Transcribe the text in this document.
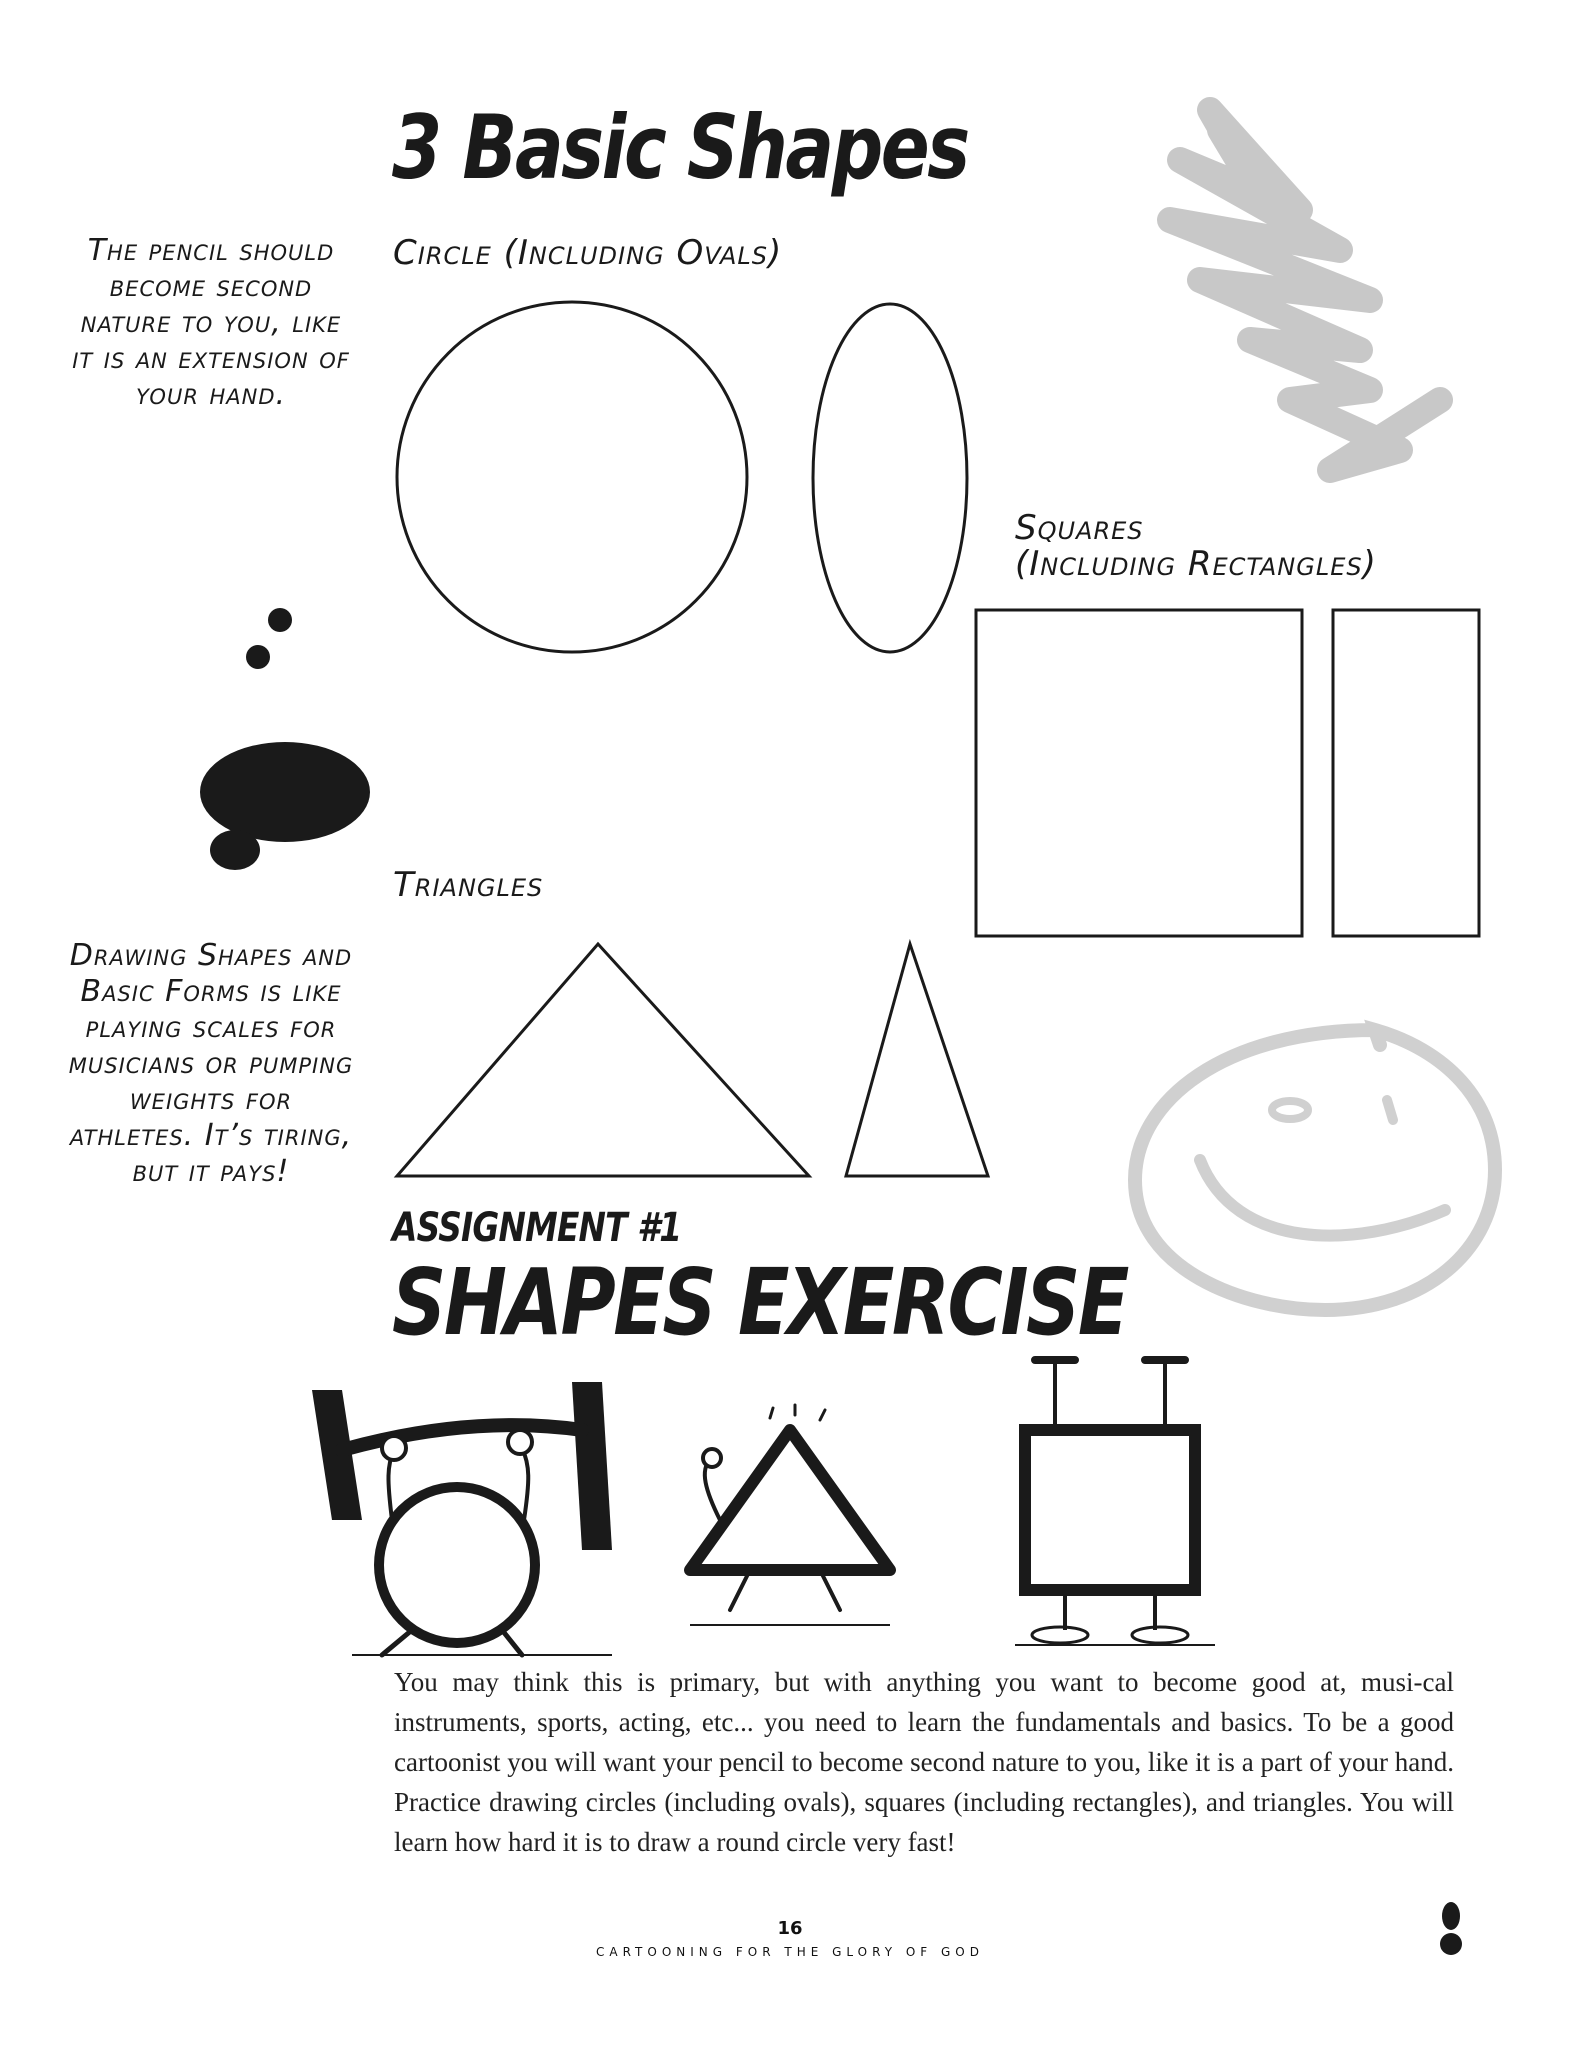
3 Basic Shapes
The pencil should become second nature to you, like it is an extension of your hand.
Circle (Including Ovals)
Squares
(Including Rectangles)
Triangles
Drawing Shapes and Basic Forms is like playing scales for musicians or pumping weights for athletes. It’s tiring, but it pays!
ASSIGNMENT #1
SHAPES EXERCISE
You may think this is primary, but with anything you want to become good at, musi-cal instruments, sports, acting, etc... you need to learn the fundamentals and basics. To be a good cartoonist you will want your pencil to become second nature to you, like it is a part of your hand. Practice drawing circles (including ovals), squares (including rectangles), and triangles. You will learn how hard it is to draw a round circle very fast!
16
CARTOONING FOR THE GLORY OF GOD
